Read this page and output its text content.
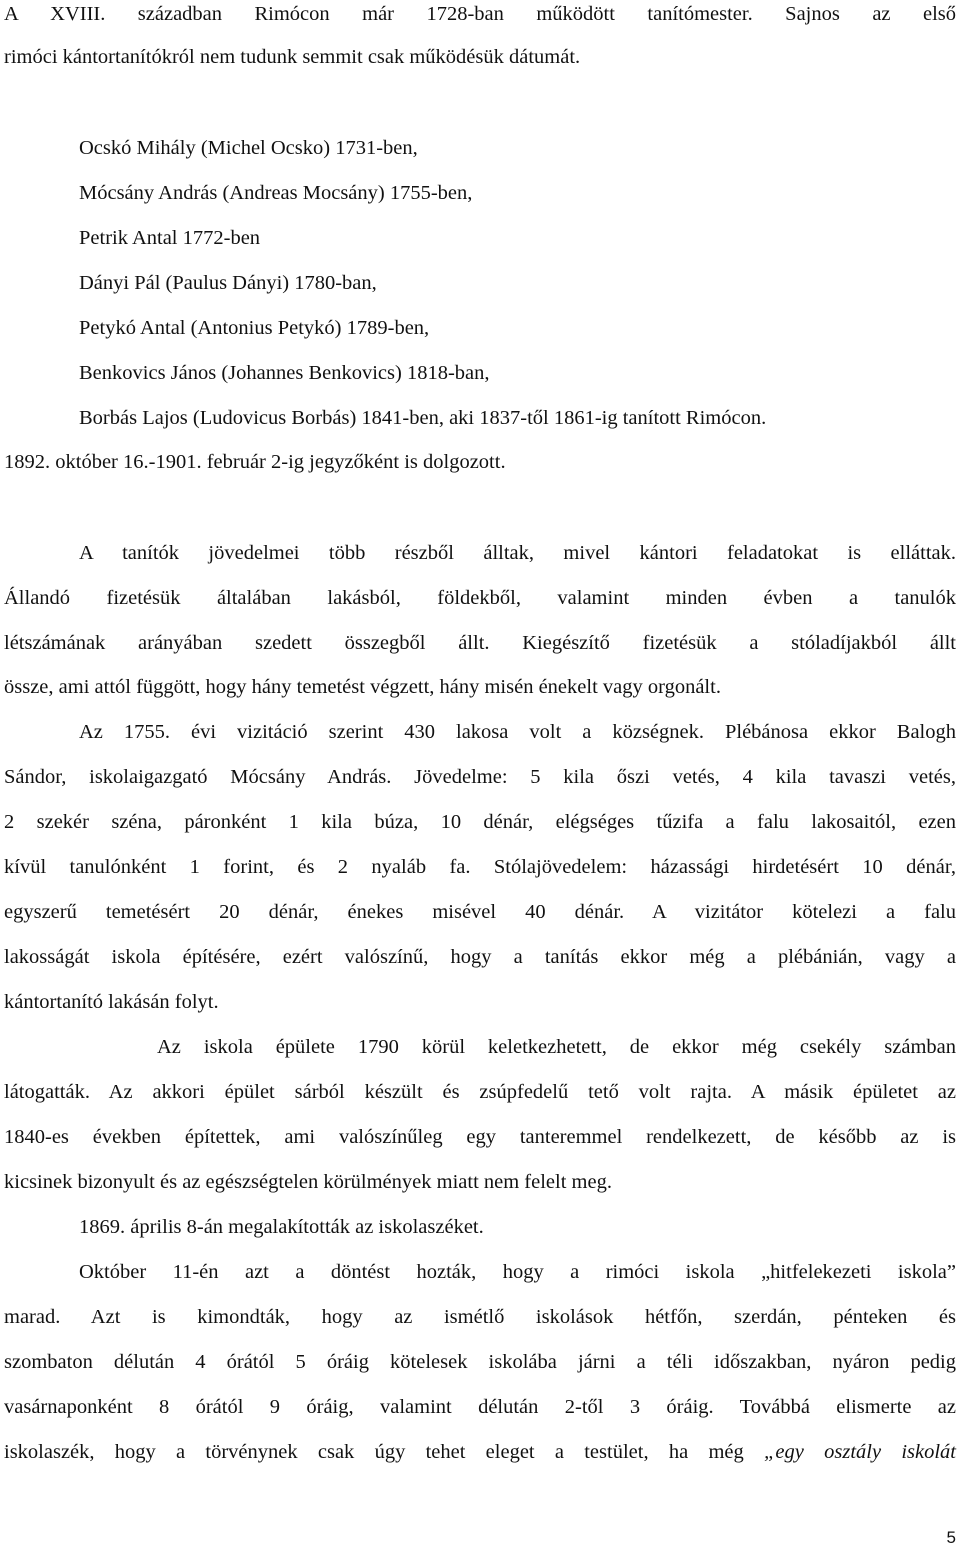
A XVIII. században Rimócon már 1728-ban működött tanítómester. Sajnos az első

rimóci kántortanítókról nem tudunk semmit csak működésük dátumát.

Ocskó Mihály (Michel Ocsko) 1731-ben,

Mócsány András (Andreas Mocsány) 1755-ben,

Petrik Antal 1772-ben

Dányi Pál (Paulus Dányi) 1780-ban,

Petykó Antal (Antonius Petykó) 1789-ben,

Benkovics János (Johannes Benkovics) 1818-ban,

Borbás Lajos (Ludovicus Borbás) 1841-ben, aki 1837-től 1861-ig tanított Rimócon.

1892. október 16.-1901. február 2-ig jegyzőként is dolgozott.

A tanítók jövedelmei több részből álltak, mivel kántori feladatokat is elláttak.

Állandó fizetésük általában lakásból, földekből, valamint minden évben a tanulók

létszámának arányában szedett összegből állt. Kiegészítő fizetésük a stóladíjakból állt

össze, ami attól függött, hogy hány temetést végzett, hány misén énekelt vagy orgonált.

Az 1755. évi vizitáció szerint 430 lakosa volt a községnek. Plébánosa ekkor Balogh

Sándor, iskolaigazgató Mócsány András. Jövedelme: 5 kila őszi vetés, 4 kila tavaszi vetés,

2 szekér széna, páronként 1 kila búza, 10 dénár, elégséges tűzifa a falu lakosaitól, ezen

kívül tanulónként 1 forint, és 2 nyaláb fa. Stólajövedelem: házassági hirdetésért 10 dénár,

egyszerű temetésért 20 dénár, énekes misével 40 dénár. A vizitátor kötelezi a falu

lakosságát iskola építésére, ezért valószínű, hogy a tanítás ekkor még a plébánián, vagy a

kántortanító lakásán folyt.

Az iskola épülete 1790 körül keletkezhetett, de ekkor még csekély számban

látogatták. Az akkori épület sárból készült és zsúpfedelű tető volt rajta. A másik épületet az

1840-es években építettek, ami valószínűleg egy tanteremmel rendelkezett, de később az is

kicsinek bizonyult és az egészségtelen körülmények miatt nem felelt meg.

1869. április 8-án megalakították az iskolaszéket.

Október 11-én azt a döntést hozták, hogy a rimóci iskola „hitfelekezeti iskola”

marad. Azt is kimondták, hogy az ismétlő iskolások hétfőn, szerdán, pénteken és

szombaton délután 4 órától 5 óráig kötelesek iskolába járni a téli időszakban, nyáron pedig

vasárnaponként 8 órától 9 óráig, valamint délután 2-től 3 óráig. Továbbá elismerte az

iskolaszék, hogy a törvénynek csak úgy tehet eleget a testület, ha még „egy osztály iskolát

5
